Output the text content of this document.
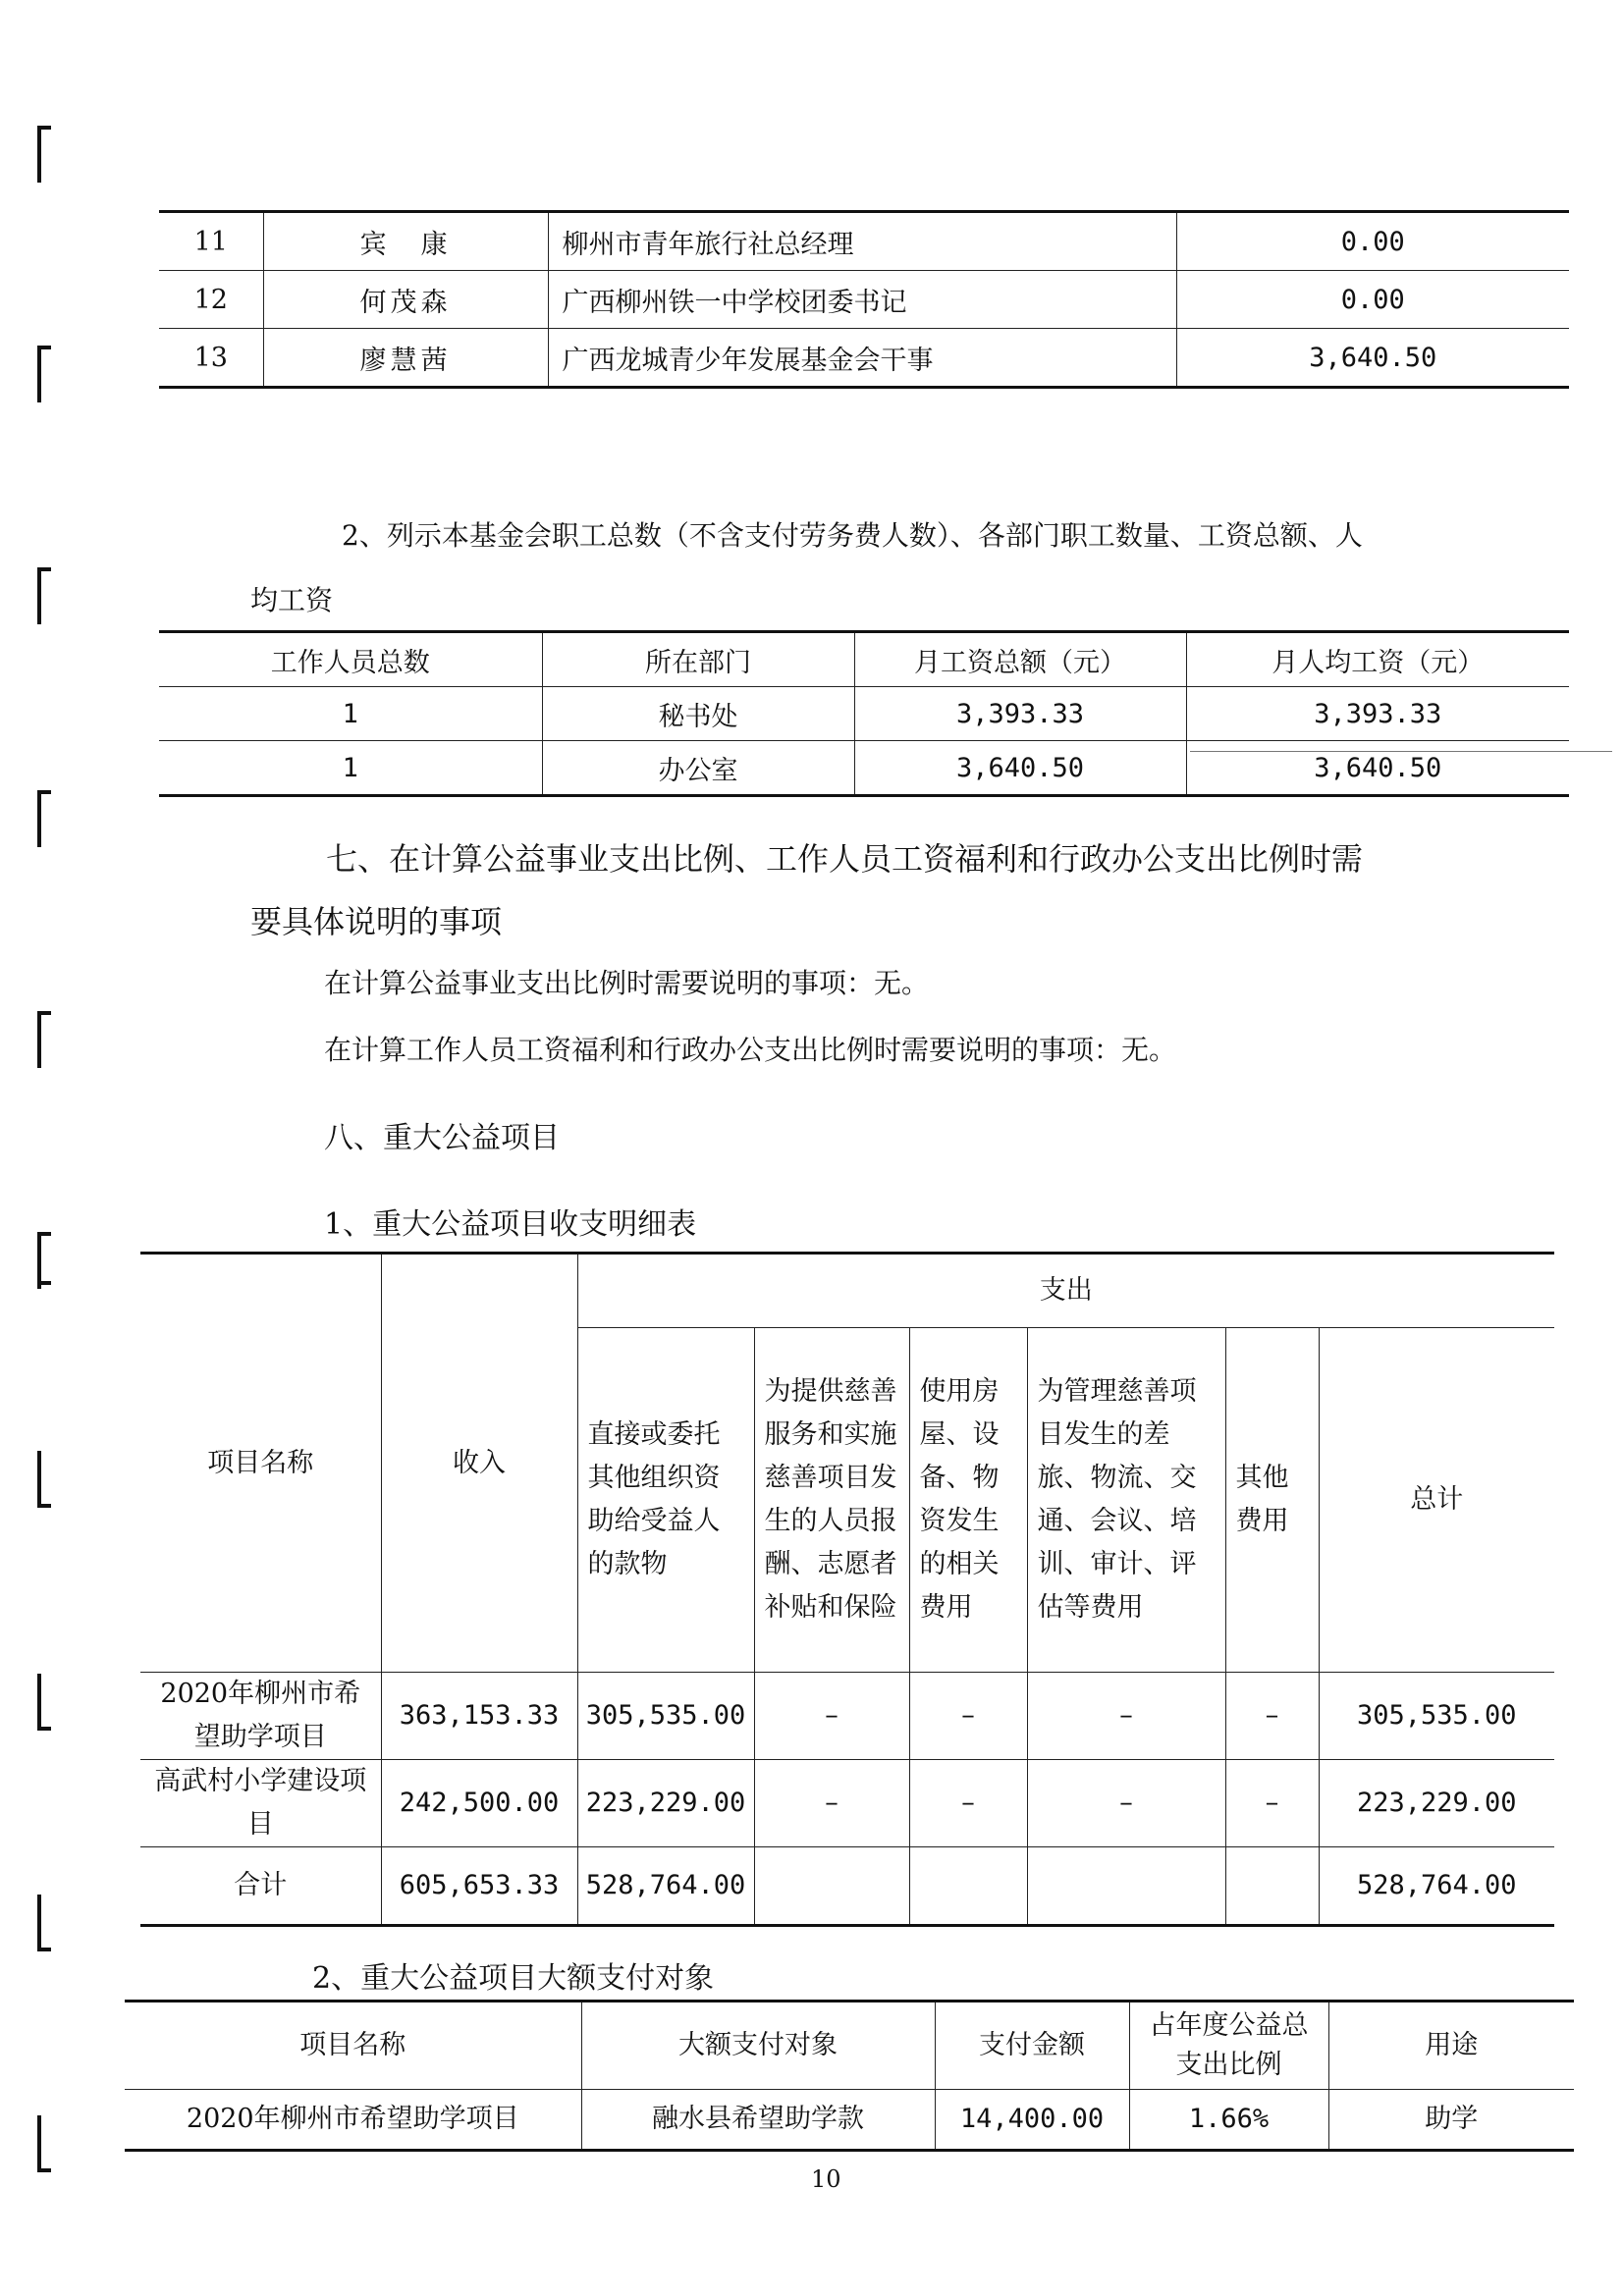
11	宾　康	柳州市青年旅行社总经理	0.00
12	何茂森	广西柳州铁一中学校团委书记	0.00
13	廖慧茜	广西龙城青少年发展基金会干事	3,640.50
2、列示本基金会职工总数（不含支付劳务费人数）、各部门职工数量、工资总额、人
均工资
工作人员总数	所在部门	月工资总额（元）	月人均工资（元）
1	秘书处	3,393.33	3,393.33
1	办公室	3,640.50	3,640.50
七、在计算公益事业支出比例、工作人员工资福利和行政办公支出比例时需
要具体说明的事项
在计算公益事业支出比例时需要说明的事项：无。
在计算工作人员工资福利和行政办公支出比例时需要说明的事项：无。
八、重大公益项目
1、重大公益项目收支明细表
项目名称	收入	支出					
		直接或委托其他组织资助给受益人的款物	为提供慈善服务和实施慈善项目发生的人员报酬、志愿者补贴和保险	使用房屋、设备、物资发生的相关费用	为管理慈善项目发生的差旅、物流、交通、会议、培训、审计、评估等费用	其他费用	总计
2020年柳州市希望助学项目	363,153.33	305,535.00	–	–	–	–	305,535.00
高武村小学建设项目	242,500.00	223,229.00	–	–	–	–	223,229.00
合计	605,653.33	528,764.00					528,764.00
2、重大公益项目大额支付对象
项目名称	大额支付对象	支付金额	占年度公益总支出比例	用途
2020年柳州市希望助学项目	融水县希望助学款	14,400.00	1.66%	助学
10
